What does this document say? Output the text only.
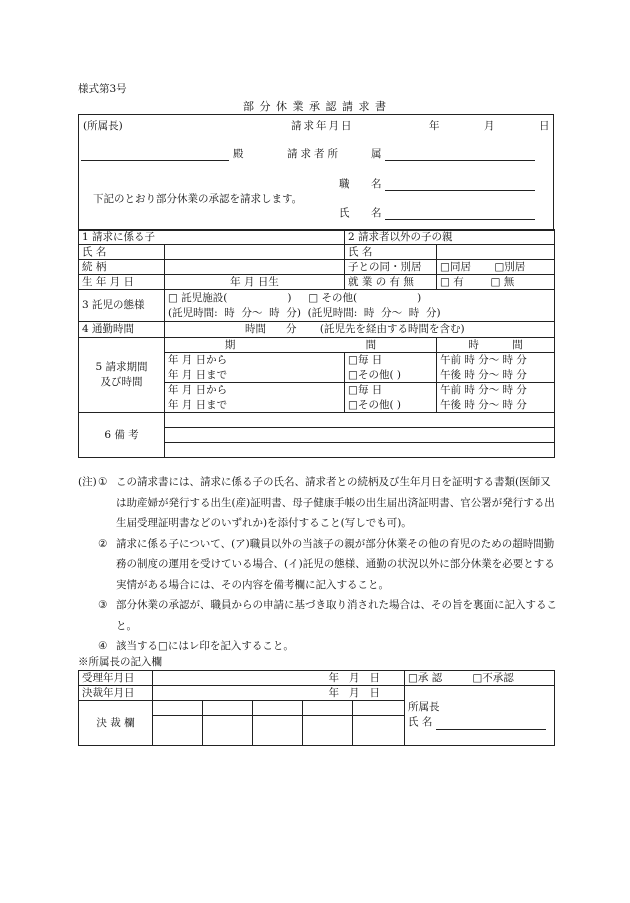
様式第3号
部 分 休 業 承 認 請 求 書
(所属長)	請求年月日	年	月	日
殿	請求者所	属
職 名
下記のとおり部分休業の承認を請求します。
氏 名
1 請求に係る子		2 請求者以外の子の親	
氏 名		氏 名	
続 柄		子との同・別居	□同居 □別居
生 年 月 日	年 月 日生	就 業 の 有 無	□ 有 □ 無
3 託児の態様	□ 託児施設(                  )     □ その他(                  )
(託児時間:  時  分〜  時  分)  (託児時間:  時  分〜  時  分)		

4 通勤時間	時間      分       (託児先を経由する時間を含む)		

5 請求期間
及び時間	期                                       間		時          間
	年 月 日から	□毎 日	午前 時 分〜 時 分
	年 月 日まで	□その他( )	午後 時 分〜 時 分
	年 月 日から	□毎 日	午前 時 分〜 時 分
	年 月 日まで	□その他( )	午後 時 分〜 時 分
6 備 考			

(注) ① この請求書には、請求に係る子の氏名、請求者との続柄及び生年月日を証明する書類(医師又は助産婦が発行する出生(産)証明書、母子健康手帳の出生届出済証明書、官公署が発行する出生届受理証明書などのいずれか)を添付すること(写しでも可)。
② 請求に係る子について、(ア)職員以外の当該子の親が部分休業その他の育児のための超時間勤務の制度の運用を受けている場合、(イ)託児の態様、通勤の状況以外に部分休業を必要とする実情がある場合には、その内容を備考欄に記入すること。
③ 部分休業の承認が、職員からの申請に基づき取り消された場合は、その旨を裏面に記入すること。
④ 該当する□にはレ印を記入すること。
※所属長の記入欄
受理年月日	年   月   日					□承 認 □不承認
決裁年月日	年   月   日					所属長
氏 名

決 裁 欄						
